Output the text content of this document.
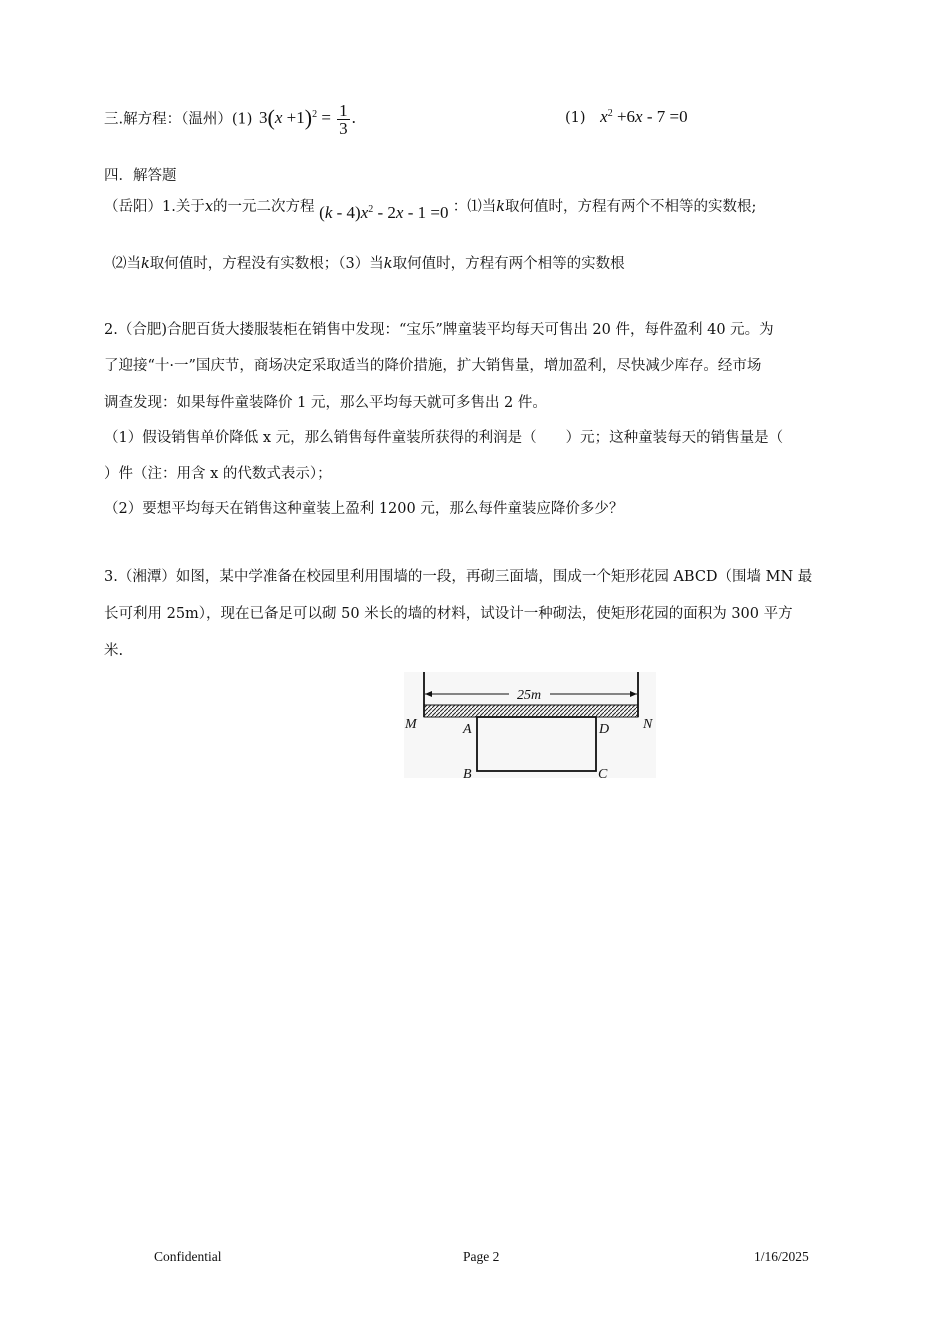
三.解方程：（温州）(1) $3(x +1)^2 = \frac{1}{3}$ .	(1) $x^2 +6x - 7 =0$
四．解答题
（岳阳）1.关于x的一元二次方程 $(k - 4)x^2 - 2x - 1 =0$ ：⑴当k取何值时，方程有两个不相等的实数根;
⑵当k取何值时，方程没有实数根；（3）当k取何值时，方程有两个相等的实数根
2.（合肥)合肥百货大搂服装柜在销售中发现：“宝乐”牌童装平均每天可售出 20 件，每件盈利 40 元。为
了迎接“十·一”国庆节，商场决定采取适当的降价措施，扩大销售量，增加盈利，尽快减少库存。经市场
调查发现：如果每件童装降价 1 元，那么平均每天就可多售出 2 件。
（1）假设销售单价降低 x 元，那么销售每件童装所获得的利润是（　　）元；这种童装每天的销售量是（
）件（注：用含 x 的代数式表示）；
（2）要想平均每天在销售这种童装上盈利 1200 元，那么每件童装应降价多少？
3.（湘潭）如图，某中学准备在校园里利用围墙的一段，再砌三面墙，围成一个矩形花园 ABCD（围墙 MN 最
长可利用 25m），现在已备足可以砌 50 米长的墙的材料，试设计一种砌法，使矩形花园的面积为 300 平方
米.
25m
M	N
A	D
B	C
Confidential	Page 2	1/16/2025
